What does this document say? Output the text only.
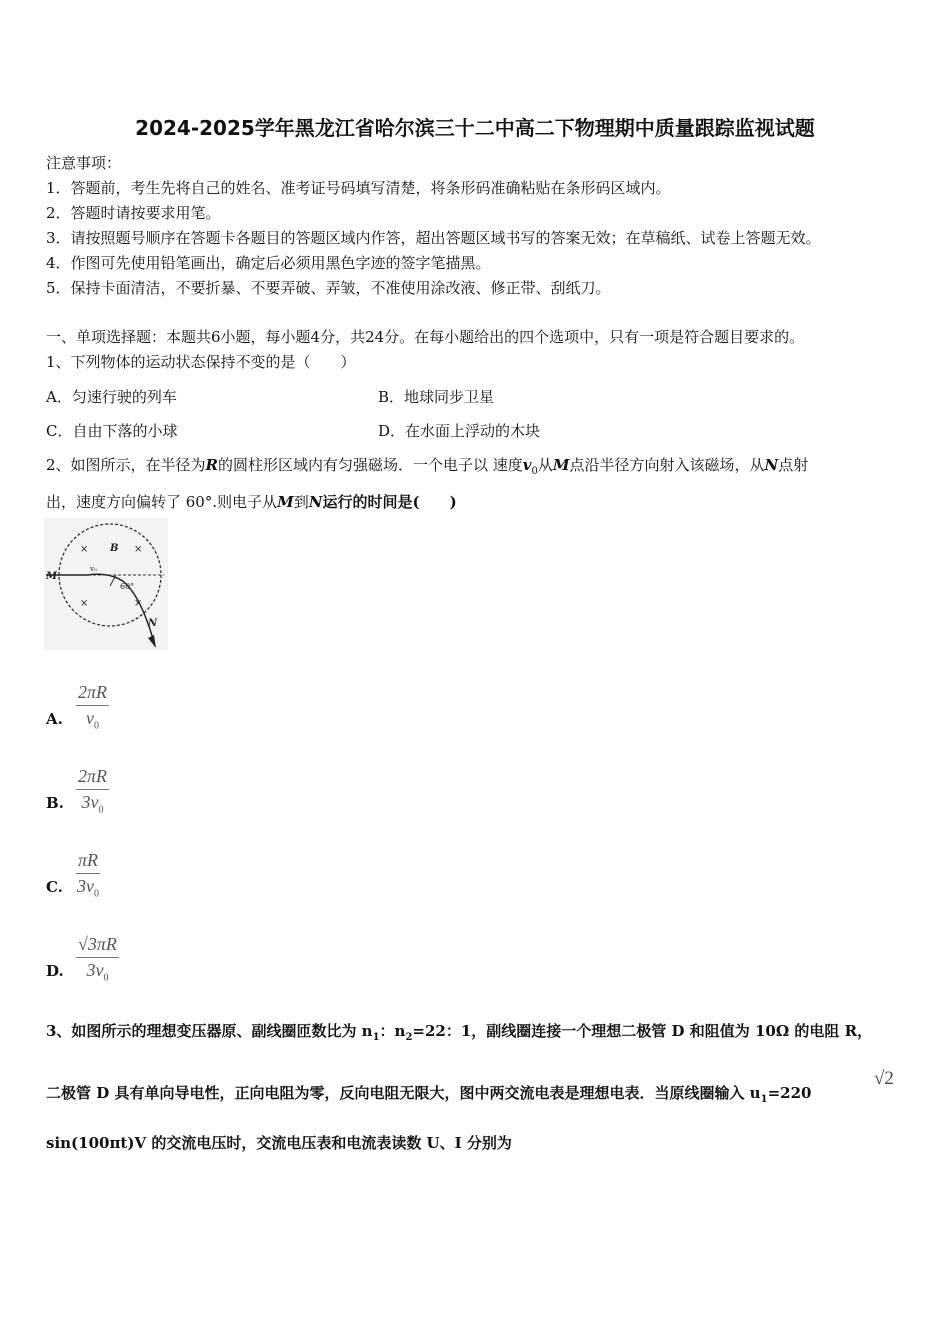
2024-2025学年黑龙江省哈尔滨三十二中高二下物理期中质量跟踪监视试题
注意事项：
1．答题前，考生先将自己的姓名、准考证号码填写清楚，将条形码准确粘贴在条形码区域内。
2．答题时请按要求用笔。
3．请按照题号顺序在答题卡各题目的答题区域内作答，超出答题区域书写的答案无效；在草稿纸、试卷上答题无效。
4．作图可先使用铅笔画出，确定后必须用黑色字迹的签字笔描黑。
5．保持卡面清洁，不要折暴、不要弄破、弄皱，不准使用涂改液、修正带、刮纸刀。
一、单项选择题：本题共6小题，每小题4分，共24分。在每小题给出的四个选项中，只有一项是符合题目要求的。
1、下列物体的运动状态保持不变的是（　　）
A．匀速行驶的列车	B．地球同步卫星
C．自由下落的小球	D．在水面上浮动的木块
2、如图所示，在半径为R的圆柱形区域内有匀强磁场．一个电子以 速度$v_0$从M点沿半径方向射入该磁场，从N点射
出，速度方向偏转了 60°.则电子从M到N运行的时间是(　　)
M
N
B
v₀
60°
×	×
×	×
A. $\frac{2\pi R}{v_0}$
B. $\frac{2\pi R}{3v_0}$
C. $\frac{\pi R}{3v_0}$
D. $\frac{√3\pi R}{3v_0}$
3、如图所示的理想变压器原、副线圈匝数比为 $n_1$：$n_2=22$：1，副线圈连接一个理想二极管 D 和阻值为 10Ω 的电阻 R，
二极管 D 具有单向导电性，正向电阻为零，反向电阻无限大，图中两交流电表是理想电表．当原线圈输入 $u_1=220$
√2
sin(100πt)V 的交流电压时，交流电压表和电流表读数 U、I 分别为
